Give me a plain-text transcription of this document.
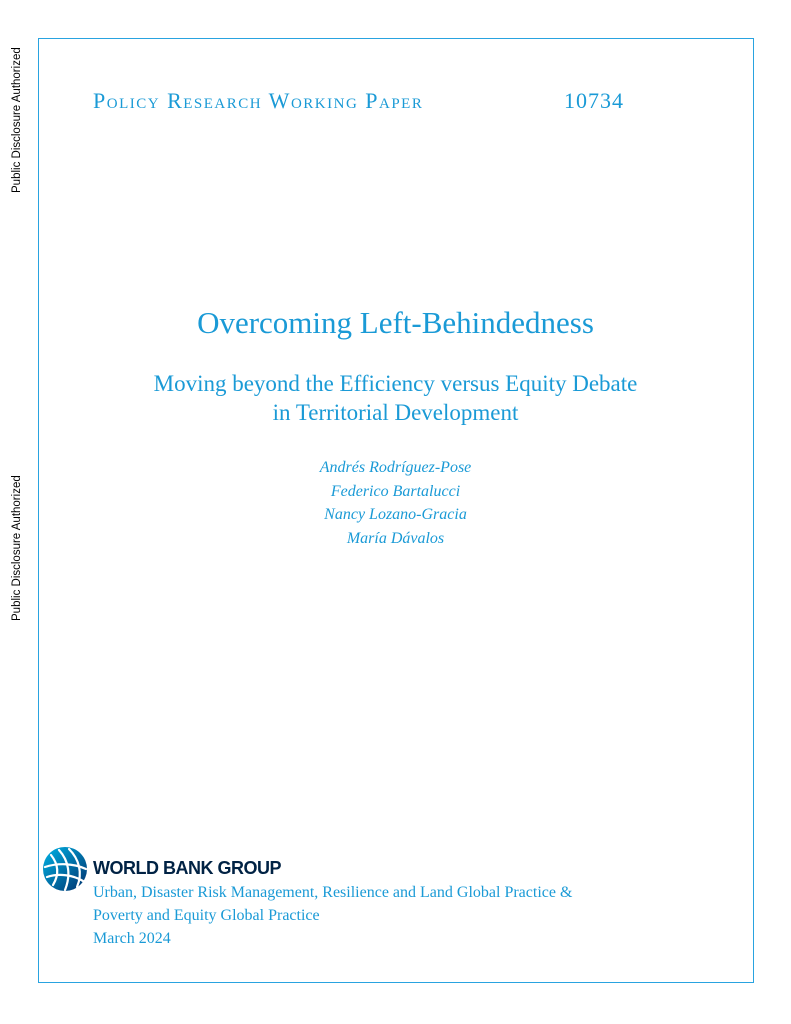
Public Disclosure Authorized
Public Disclosure Authorized
Policy Research Working Paper	10734
Overcoming Left-Behindedness
Moving beyond the Efficiency versus Equity Debate
in Territorial Development
Andrés Rodríguez-Pose
Federico Bartalucci
Nancy Lozano-Gracia
María Dávalos
WORLD BANK GROUP
Urban, Disaster Risk Management, Resilience and Land Global Practice &
Poverty and Equity Global Practice
March 2024
